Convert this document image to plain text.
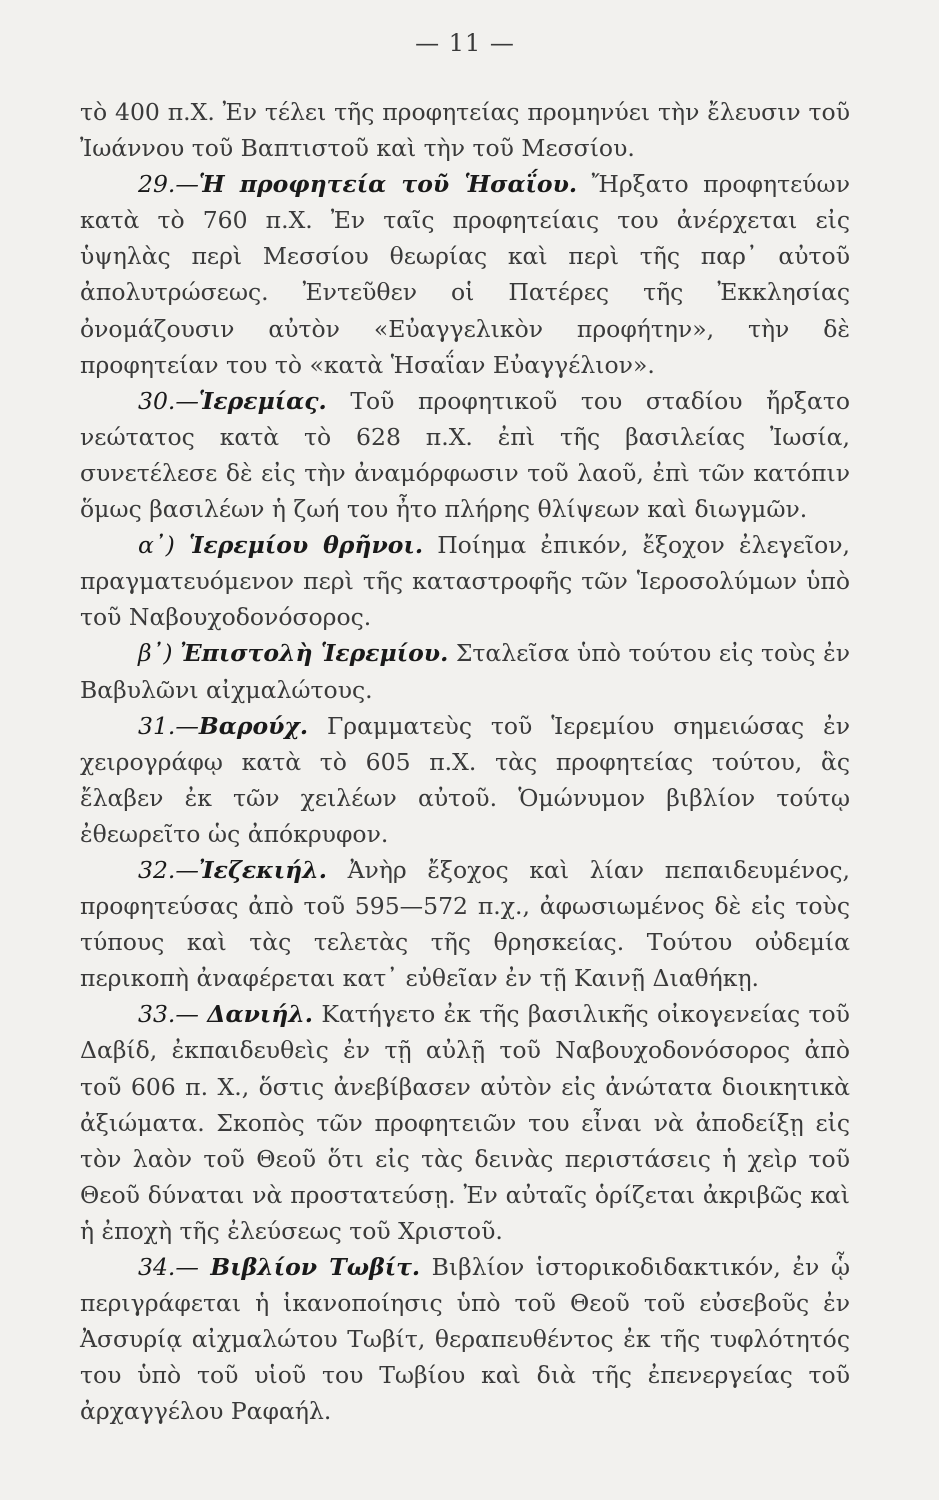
— 11 —

τὸ 400 π.Χ. Ἐν τέλει τῆς προφητείας προμηνύει τὴν ἔλευσιν τοῦ Ἰωάννου τοῦ Βαπτιστοῦ καὶ τὴν τοῦ Μεσσίου.

29.—Ἡ προφητεία τοῦ Ἡσαΐου. Ἤρξατο προφητεύων κατὰ τὸ 760 π.Χ. Ἐν ταῖς προφητείαις του ἀνέρχεται εἰς ὑψηλὰς περὶ Μεσσίου θεωρίας καὶ περὶ τῆς παρ᾽ αὐτοῦ ἀπολυτρώσεως. Ἐντεῦθεν οἱ Πατέρες τῆς Ἐκκλησίας ὀνομάζουσιν αὐτὸν «Εὐαγγελικὸν προφήτην», τὴν δὲ προφητείαν του τὸ «κατὰ Ἡσαΐαν Εὐαγγέλιον».

30.—Ἱερεμίας. Τοῦ προφητικοῦ του σταδίου ἤρξατο νεώτατος κατὰ τὸ 628 π.Χ. ἐπὶ τῆς βασιλείας Ἰωσία, συνετέλεσε δὲ εἰς τὴν ἀναμόρφωσιν τοῦ λαοῦ, ἐπὶ τῶν κατόπιν ὅμως βασιλέων ἡ ζωή του ἦτο πλήρης θλίψεων καὶ διωγμῶν.

α᾽) Ἱερεμίου θρῆνοι. Ποίημα ἐπικόν, ἔξοχον ἐλεγεῖον, πραγματευόμενον περὶ τῆς καταστροφῆς τῶν Ἱεροσολύμων ὑπὸ τοῦ Ναβουχοδονόσορος.

β᾽) Ἐπιστολὴ Ἱερεμίου. Σταλεῖσα ὑπὸ τούτου εἰς τοὺς ἐν Βαβυλῶνι αἰχμαλώτους.

31.—Βαρούχ. Γραμματεὺς τοῦ Ἱερεμίου σημειώσας ἐν χειρογράφῳ κατὰ τὸ 605 π.Χ. τὰς προφητείας τούτου, ἃς ἔλαβεν ἐκ τῶν χειλέων αὐτοῦ. Ὁμώνυμον βιβλίον τούτῳ ἐθεωρεῖτο ὡς ἀπόκρυφον.

32.—Ἰεζεκιήλ. Ἀνὴρ ἔξοχος καὶ λίαν πεπαιδευμένος, προφητεύσας ἀπὸ τοῦ 595—572 π.χ., ἀφωσιωμένος δὲ εἰς τοὺς τύπους καὶ τὰς τελετὰς τῆς θρησκείας. Τούτου οὐδεμία περικοπὴ ἀναφέρεται κατ᾽ εὐθεῖαν ἐν τῇ Καινῇ Διαθήκῃ.

33.— Δανιήλ. Κατήγετο ἐκ τῆς βασιλικῆς οἰκογενείας τοῦ Δαβίδ, ἐκπαιδευθεὶς ἐν τῇ αὐλῇ τοῦ Ναβουχοδονόσορος ἀπὸ τοῦ 606 π. Χ., ὅστις ἀνεβίβασεν αὐτὸν εἰς ἀνώτατα διοικητικὰ ἀξιώματα. Σκοπὸς τῶν προφητειῶν του εἶναι νὰ ἀποδείξῃ εἰς τὸν λαὸν τοῦ Θεοῦ ὅτι εἰς τὰς δεινὰς περιστάσεις ἡ χεὶρ τοῦ Θεοῦ δύναται νὰ προστατεύσῃ. Ἐν αὐταῖς ὁρίζεται ἀκριβῶς καὶ ἡ ἐποχὴ τῆς ἐλεύσεως τοῦ Χριστοῦ.

34.— Βιβλίον Τωβίτ. Βιβλίον ἱστορικοδιδακτικόν, ἐν ᾧ περιγράφεται ἡ ἱκανοποίησις ὑπὸ τοῦ Θεοῦ τοῦ εὐσεβοῦς ἐν Ἀσσυρίᾳ αἰχμαλώτου Τωβίτ, θεραπευθέντος ἐκ τῆς τυφλότητός του ὑπὸ τοῦ υἱοῦ του Τωβίου καὶ διὰ τῆς ἐπενεργείας τοῦ ἀρχαγγέλου Ραφαήλ.
